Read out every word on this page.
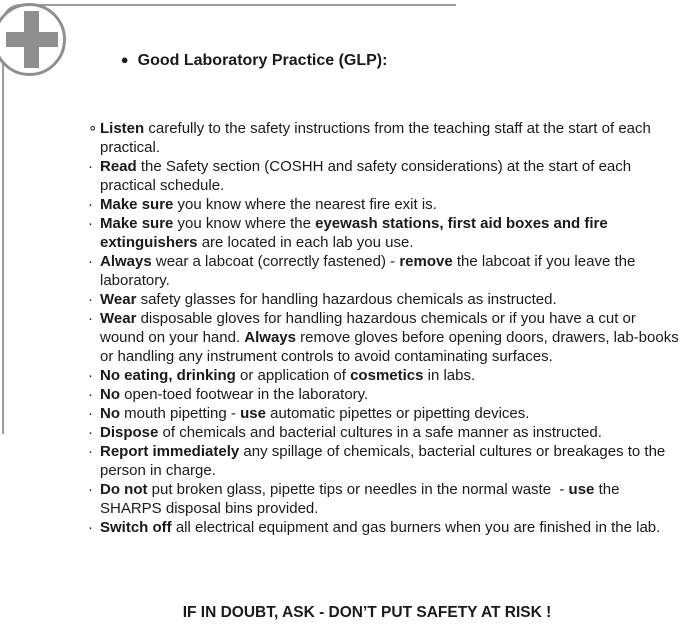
● Good Laboratory Practice (GLP):

∘ Listen carefully to the safety instructions from the teaching staff at the start of each practical.
· Read the Safety section (COSHH and safety considerations) at the start of each practical schedule.
· Make sure you know where the nearest fire exit is.
· Make sure you know where the eyewash stations, first aid boxes and fire extinguishers are located in each lab you use.
· Always wear a labcoat (correctly fastened) - remove the labcoat if you leave the laboratory.
· Wear safety glasses for handling hazardous chemicals as instructed.
· Wear disposable gloves for handling hazardous chemicals or if you have a cut or wound on your hand. Always remove gloves before opening doors, drawers, lab-books or handling any instrument controls to avoid contaminating surfaces.
· No eating, drinking or application of cosmetics in labs.
· No open-toed footwear in the laboratory.
· No mouth pipetting - use automatic pipettes or pipetting devices.
· Dispose of chemicals and bacterial cultures in a safe manner as instructed.
· Report immediately any spillage of chemicals, bacterial cultures or breakages to the person in charge.
· Do not put broken glass, pipette tips or needles in the normal waste  - use the SHARPS disposal bins provided.
· Switch off all electrical equipment and gas burners when you are finished in the lab.
IF IN DOUBT, ASK - DON’T PUT SAFETY AT RISK !
